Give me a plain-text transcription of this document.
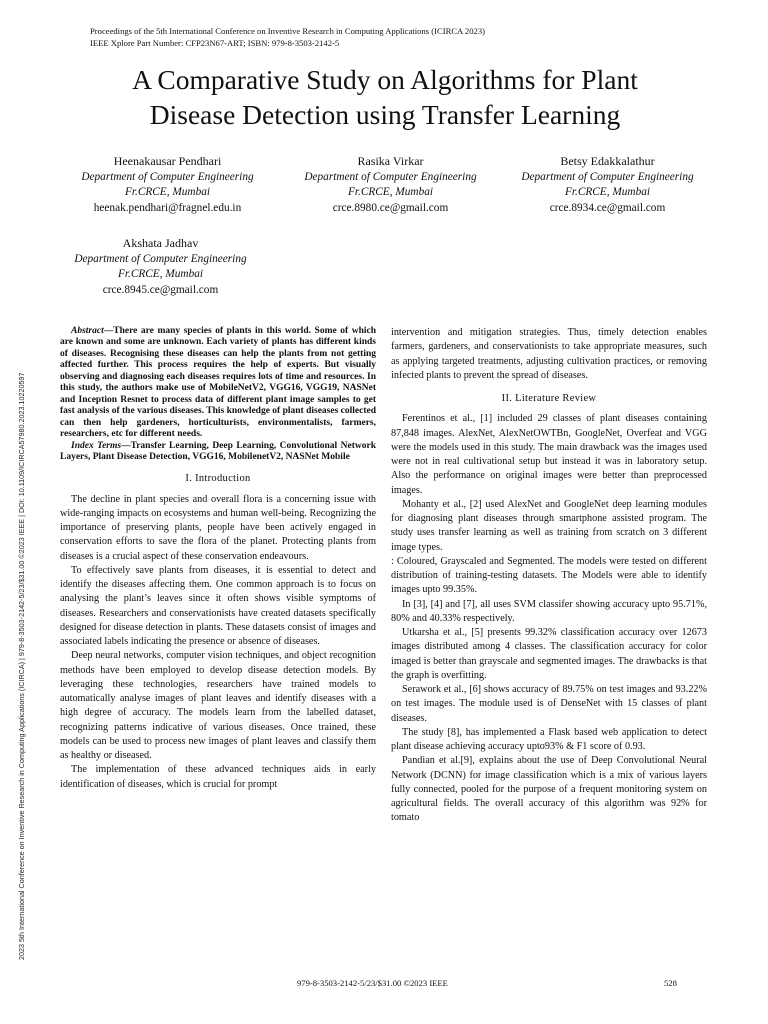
Proceedings of the 5th International Conference on Inventive Research in Computing Applications (ICIRCA 2023)
IEEE Xplore Part Number: CFP23N67-ART; ISBN: 979-8-3503-2142-5
A Comparative Study on Algorithms for Plant
Disease Detection using Transfer Learning
Heenakausar Pendhari
Department of Computer Engineering
Fr.CRCE, Mumbai
heenak.pendhari@fragnel.edu.in
Rasika Virkar
Department of Computer Engineering
Fr.CRCE, Mumbai
crce.8980.ce@gmail.com
Betsy Edakkalathur
Department of Computer Engineering
Fr.CRCE, Mumbai
crce.8934.ce@gmail.com
Akshata Jadhav
Department of Computer Engineering
Fr.CRCE, Mumbai
crce.8945.ce@gmail.com
2023 5th International Conference on Inventive Research in Computing Applications (ICIRCA) | 979-8-3503-2142-5/23/$31.00 ©2023 IEEE | DOI: 10.1109/ICIRCA57980.2023.10220597

Abstract—There are many species of plants in this world. Some of which are known and some are unknown. Each variety of plants has different kinds of diseases. Recognising these diseases can help the plants from not getting affected further. This process requires the help of experts. But visually observing and diagnosing each diseases requires lots of time and resources. In this study, the authors make use of MobileNetV2, VGG16, VGG19, NASNet and Inception Resnet to process data of different plant image samples to get fast analysis of the various diseases. This knowledge of plant diseases collected can then help gardeners, horticulturists, environmentalists, farmers, researchers, etc for different needs.

Index Terms—Transfer Learning, Deep Learning, Convolutional Network Layers, Plant Disease Detection, VGG16, MobilenetV2, NASNet Mobile

I. Introduction

The decline in plant species and overall flora is a concerning issue with wide-ranging impacts on ecosystems and human well-being. Recognizing the importance of preserving plants, people have been actively engaged in conservation efforts to save the flora of the planet. Protecting plants from diseases is a crucial aspect of these conservation endeavours.

To effectively save plants from diseases, it is essential to detect and identify the diseases affecting them. One common approach is to focus on analysing the plant’s leaves since it often shows visible symptoms of diseases. Researchers and conservationists have created datasets specifically designed for disease detection in plants. These datasets consist of images and associated labels indicating the presence or absence of diseases.

Deep neural networks, computer vision techniques, and object recognition methods have been employed to develop disease detection models. By leveraging these technologies, researchers have trained models to automatically analyse images of plant leaves and identify diseases with a high degree of accuracy. The models learn from the labelled dataset, recognizing patterns indicative of various diseases. Once trained, these models can be used to process new images of plant leaves and classify them as healthy or diseased.

The implementation of these advanced techniques aids in early identification of diseases, which is crucial for prompt

intervention and mitigation strategies. Thus, timely detection enables farmers, gardeners, and conservationists to take appropriate measures, such as applying targeted treatments, adjusting cultivation practices, or removing infected plants to prevent the spread of diseases.

II. Literature Review

Ferentinos et al., [1] included 29 classes of plant diseases containing 87,848 images. AlexNet, AlexNetOWTBn, GoogleNet, Overfeat and VGG were the models used in this study. The main drawback was the images used were not in real cultivational setup but instead it was in laboratory setup. Also the performance on original images were better than preprocessed images.

Mohanty et al., [2] used AlexNet and GoogleNet deep learning modules for diagnosing plant diseases through smartphone assisted program. The study uses transfer learning as well as training from scratch on 3 different image types.

: Coloured, Grayscaled and Segmented. The models were tested on different distribution of training-testing datasets. The Models were able to identify images upto 99.35%.

In [3], [4] and [7], all uses SVM classifer showing accuracy upto 95.71%, 80% and 40.33% respectively.

Utkarsha et al., [5] presents 99.32% classification accuracy over 12673 images distributed among 4 classes. The classification accuracy for color imaged is better than grayscale and segmented images. The drawbacks is that the graph is overfitting.

Serawork et al., [6] shows accuracy of 89.75% on test images and 93.22% on test images. The module used is of DenseNet with 15 classes of plant diseases.

The study [8], has implemented a Flask based web application to detect plant disease achieving accuracy upto93% & F1 score of 0.93.

Pandian et al.[9], explains about the use of Deep Convolutional Neural Network (DCNN) for image classification which is a mix of various layers fully connected, pooled for the purpose of a frequent monitoring system on agricultural fields. The overall accuracy of this algorithm was 92% for tomato

979-8-3503-2142-5/23/$31.00 ©2023 IEEE	528
